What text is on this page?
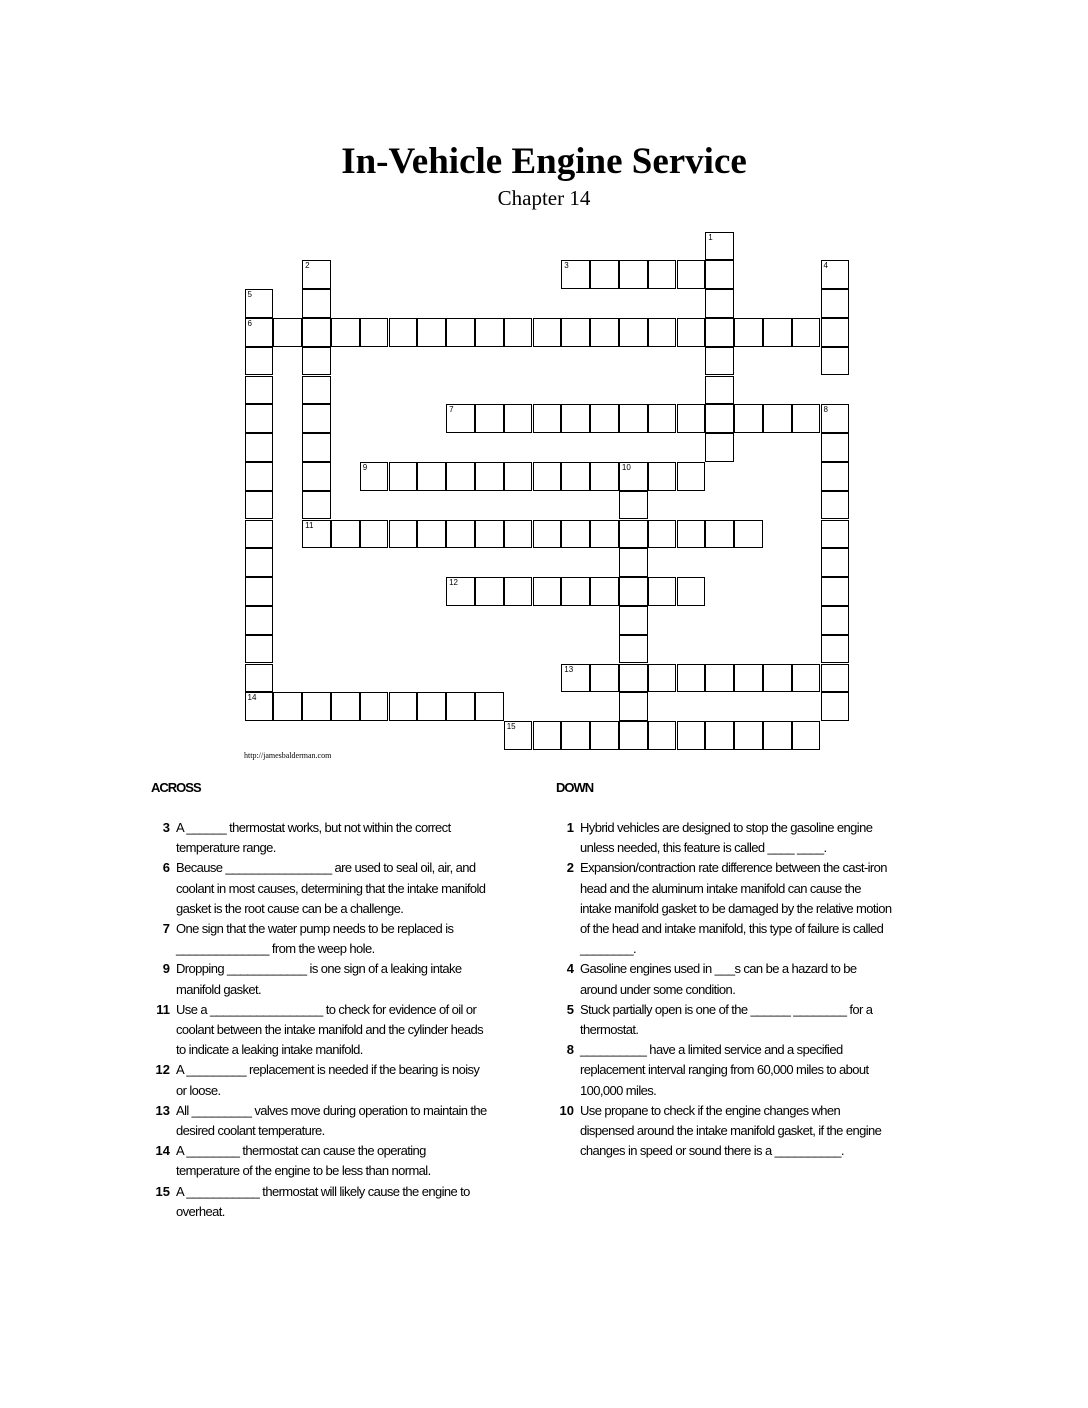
In-Vehicle Engine Service
Chapter 14
1
2	3	4
5
6
14
7	8
9	10
11
12
13
15
http://jamesbalderman.com
ACROSS	DOWN
3 A ______ thermostat works, but not within the correct temperature range.
6 Because ________________ are used to seal oil, air, and coolant in most causes, determining that the intake manifold gasket is the root cause can be a challenge.
7 One sign that the water pump needs to be replaced is ______________ from the weep hole.
9 Dropping ____________ is one sign of a leaking intake manifold gasket.
11 Use a _________________ to check for evidence of oil or coolant between the intake manifold and the cylinder heads to indicate a leaking intake manifold.
12 A _________ replacement is needed if the bearing is noisy or loose.
13 All _________ valves move during operation to maintain the desired coolant temperature.
14 A ________ thermostat can cause the operating temperature of the engine to be less than normal.
15 A ___________ thermostat will likely cause the engine to overheat.
1 Hybrid vehicles are designed to stop the gasoline engine unless needed, this feature is called ____ ____.
2 Expansion/contraction rate difference between the cast-iron head and the aluminum intake manifold can cause the intake manifold gasket to be damaged by the relative motion of the head and intake manifold, this type of failure is called ________.
4 Gasoline engines used in ___s can be a hazard to be around under some condition.
5 Stuck partially open is one of the ______ ________ for a thermostat.
8 __________ have a limited service and a specified replacement interval ranging from 60,000 miles to about 100,000 miles.
10 Use propane to check if the engine changes when dispensed around the intake manifold gasket, if the engine changes in speed or sound there is a __________.
